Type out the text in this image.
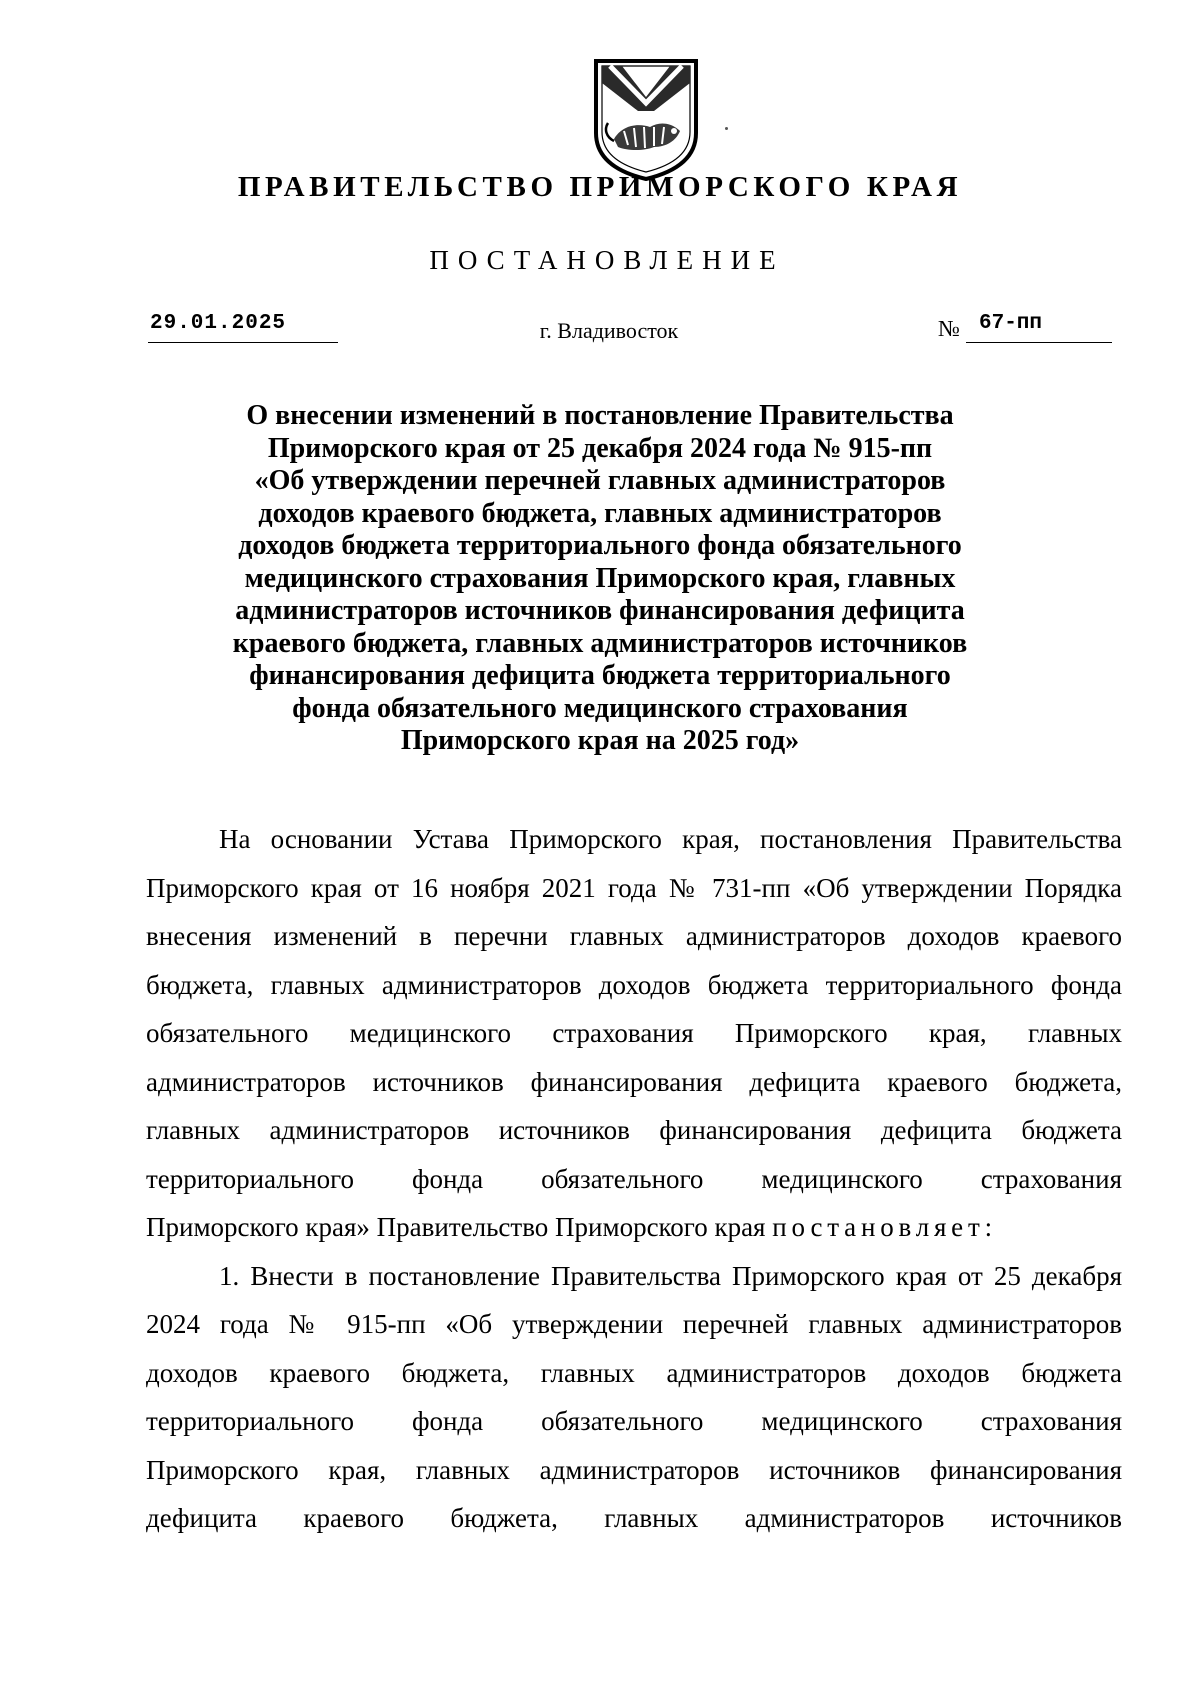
ПРАВИТЕЛЬСТВО ПРИМОРСКОГО КРАЯ
ПОСТАНОВЛЕНИЕ
29.01.2025	г. Владивосток	№ 67-пп
О внесении изменений в постановление Правительства
Приморского края от 25 декабря 2024 года № 915-пп
«Об утверждении перечней главных администраторов
доходов краевого бюджета, главных администраторов
доходов бюджета территориального фонда обязательного
медицинского страхования Приморского края, главных
администраторов источников финансирования дефицита
краевого бюджета, главных администраторов источников
финансирования дефицита бюджета территориального
фонда обязательного медицинского страхования
Приморского края на 2025 год»
На основании Устава Приморского края, постановления Правительства
Приморского края от 16 ноября 2021 года № 731-пп «Об утверждении Порядка
внесения изменений в перечни главных администраторов доходов краевого
бюджета, главных администраторов доходов бюджета территориального фонда
обязательного медицинского страхования Приморского края, главных
администраторов источников финансирования дефицита краевого бюджета,
главных администраторов источников финансирования дефицита бюджета
территориального фонда обязательного медицинского страхования
Приморского края» Правительство Приморского края постановляет:
1. Внести в постановление Правительства Приморского края от 25 декабря
2024 года № 915-пп «Об утверждении перечней главных администраторов
доходов краевого бюджета, главных администраторов доходов бюджета
территориального фонда обязательного медицинского страхования
Приморского края, главных администраторов источников финансирования
дефицита краевого бюджета, главных администраторов источников
